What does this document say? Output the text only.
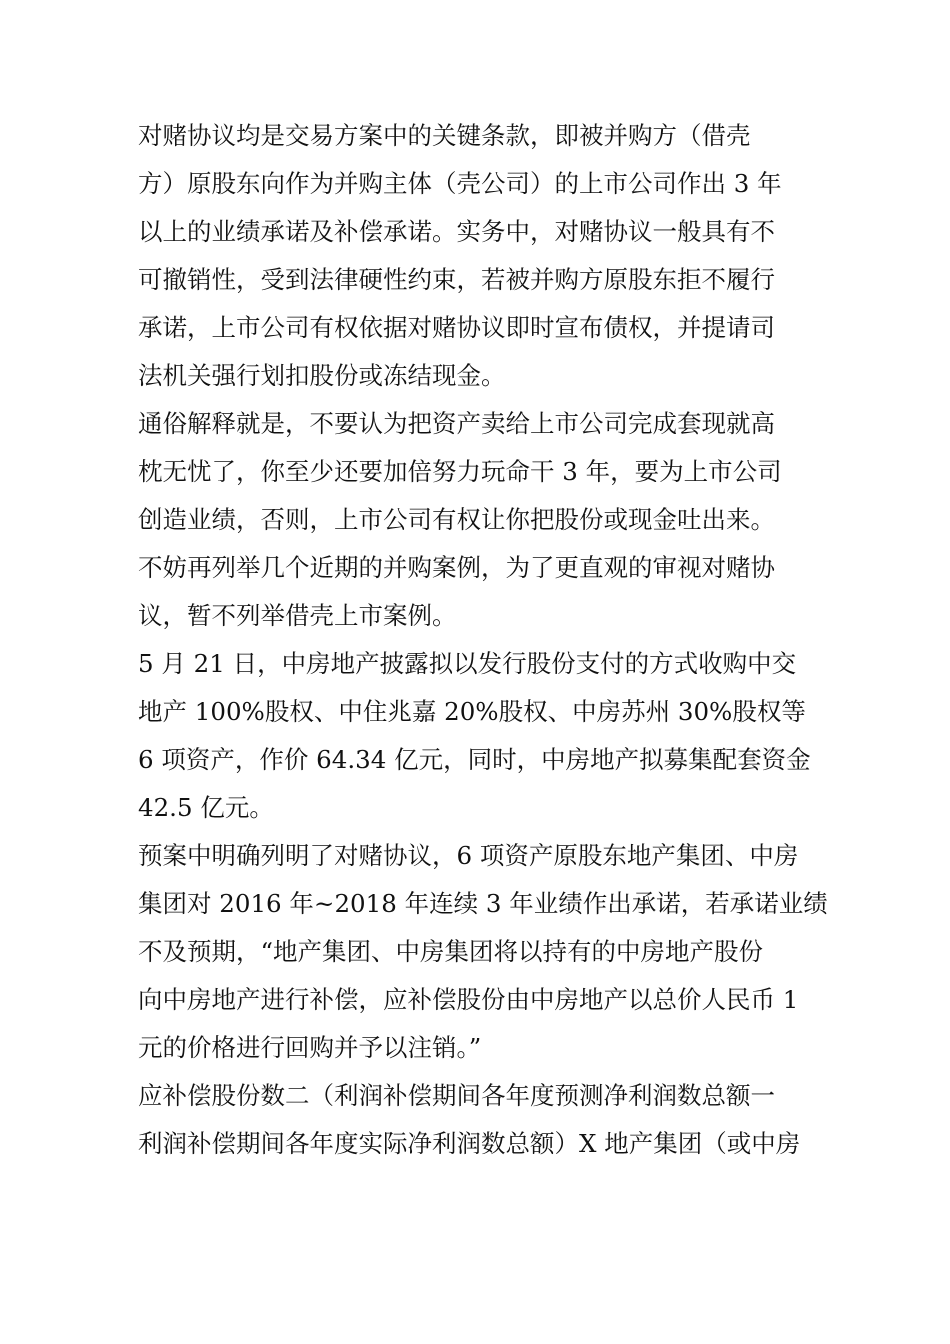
对赌协议均是交易方案中的关键条款，即被并购方（借壳
方）原股东向作为并购主体（壳公司）的上市公司作出 3 年
以上的业绩承诺及补偿承诺。实务中，对赌协议一般具有不
可撤销性，受到法律硬性约束，若被并购方原股东拒不履行
承诺，上市公司有权依据对赌协议即时宣布债权，并提请司
法机关强行划扣股份或冻结现金。
通俗解释就是，不要认为把资产卖给上市公司完成套现就高
枕无忧了，你至少还要加倍努力玩命干 3 年，要为上市公司
创造业绩，否则，上市公司有权让你把股份或现金吐出来。
不妨再列举几个近期的并购案例，为了更直观的审视对赌协
议，暂不列举借壳上市案例。
5 月 21 日，中房地产披露拟以发行股份支付的方式收购中交
地产 100%股权、中住兆嘉 20%股权、中房苏州 30%股权等
6 项资产，作价 64.34 亿元，同时，中房地产拟募集配套资金
42.5 亿元。
预案中明确列明了对赌协议，6 项资产原股东地产集团、中房
集团对 2016 年~2018 年连续 3 年业绩作出承诺，若承诺业绩
不及预期，“地产集团、中房集团将以持有的中房地产股份
向中房地产进行补偿，应补偿股份由中房地产以总价人民币 1
元的价格进行回购并予以注销。”
应补偿股份数二（利润补偿期间各年度预测净利润数总额一
利润补偿期间各年度实际净利润数总额）X 地产集团（或中房
